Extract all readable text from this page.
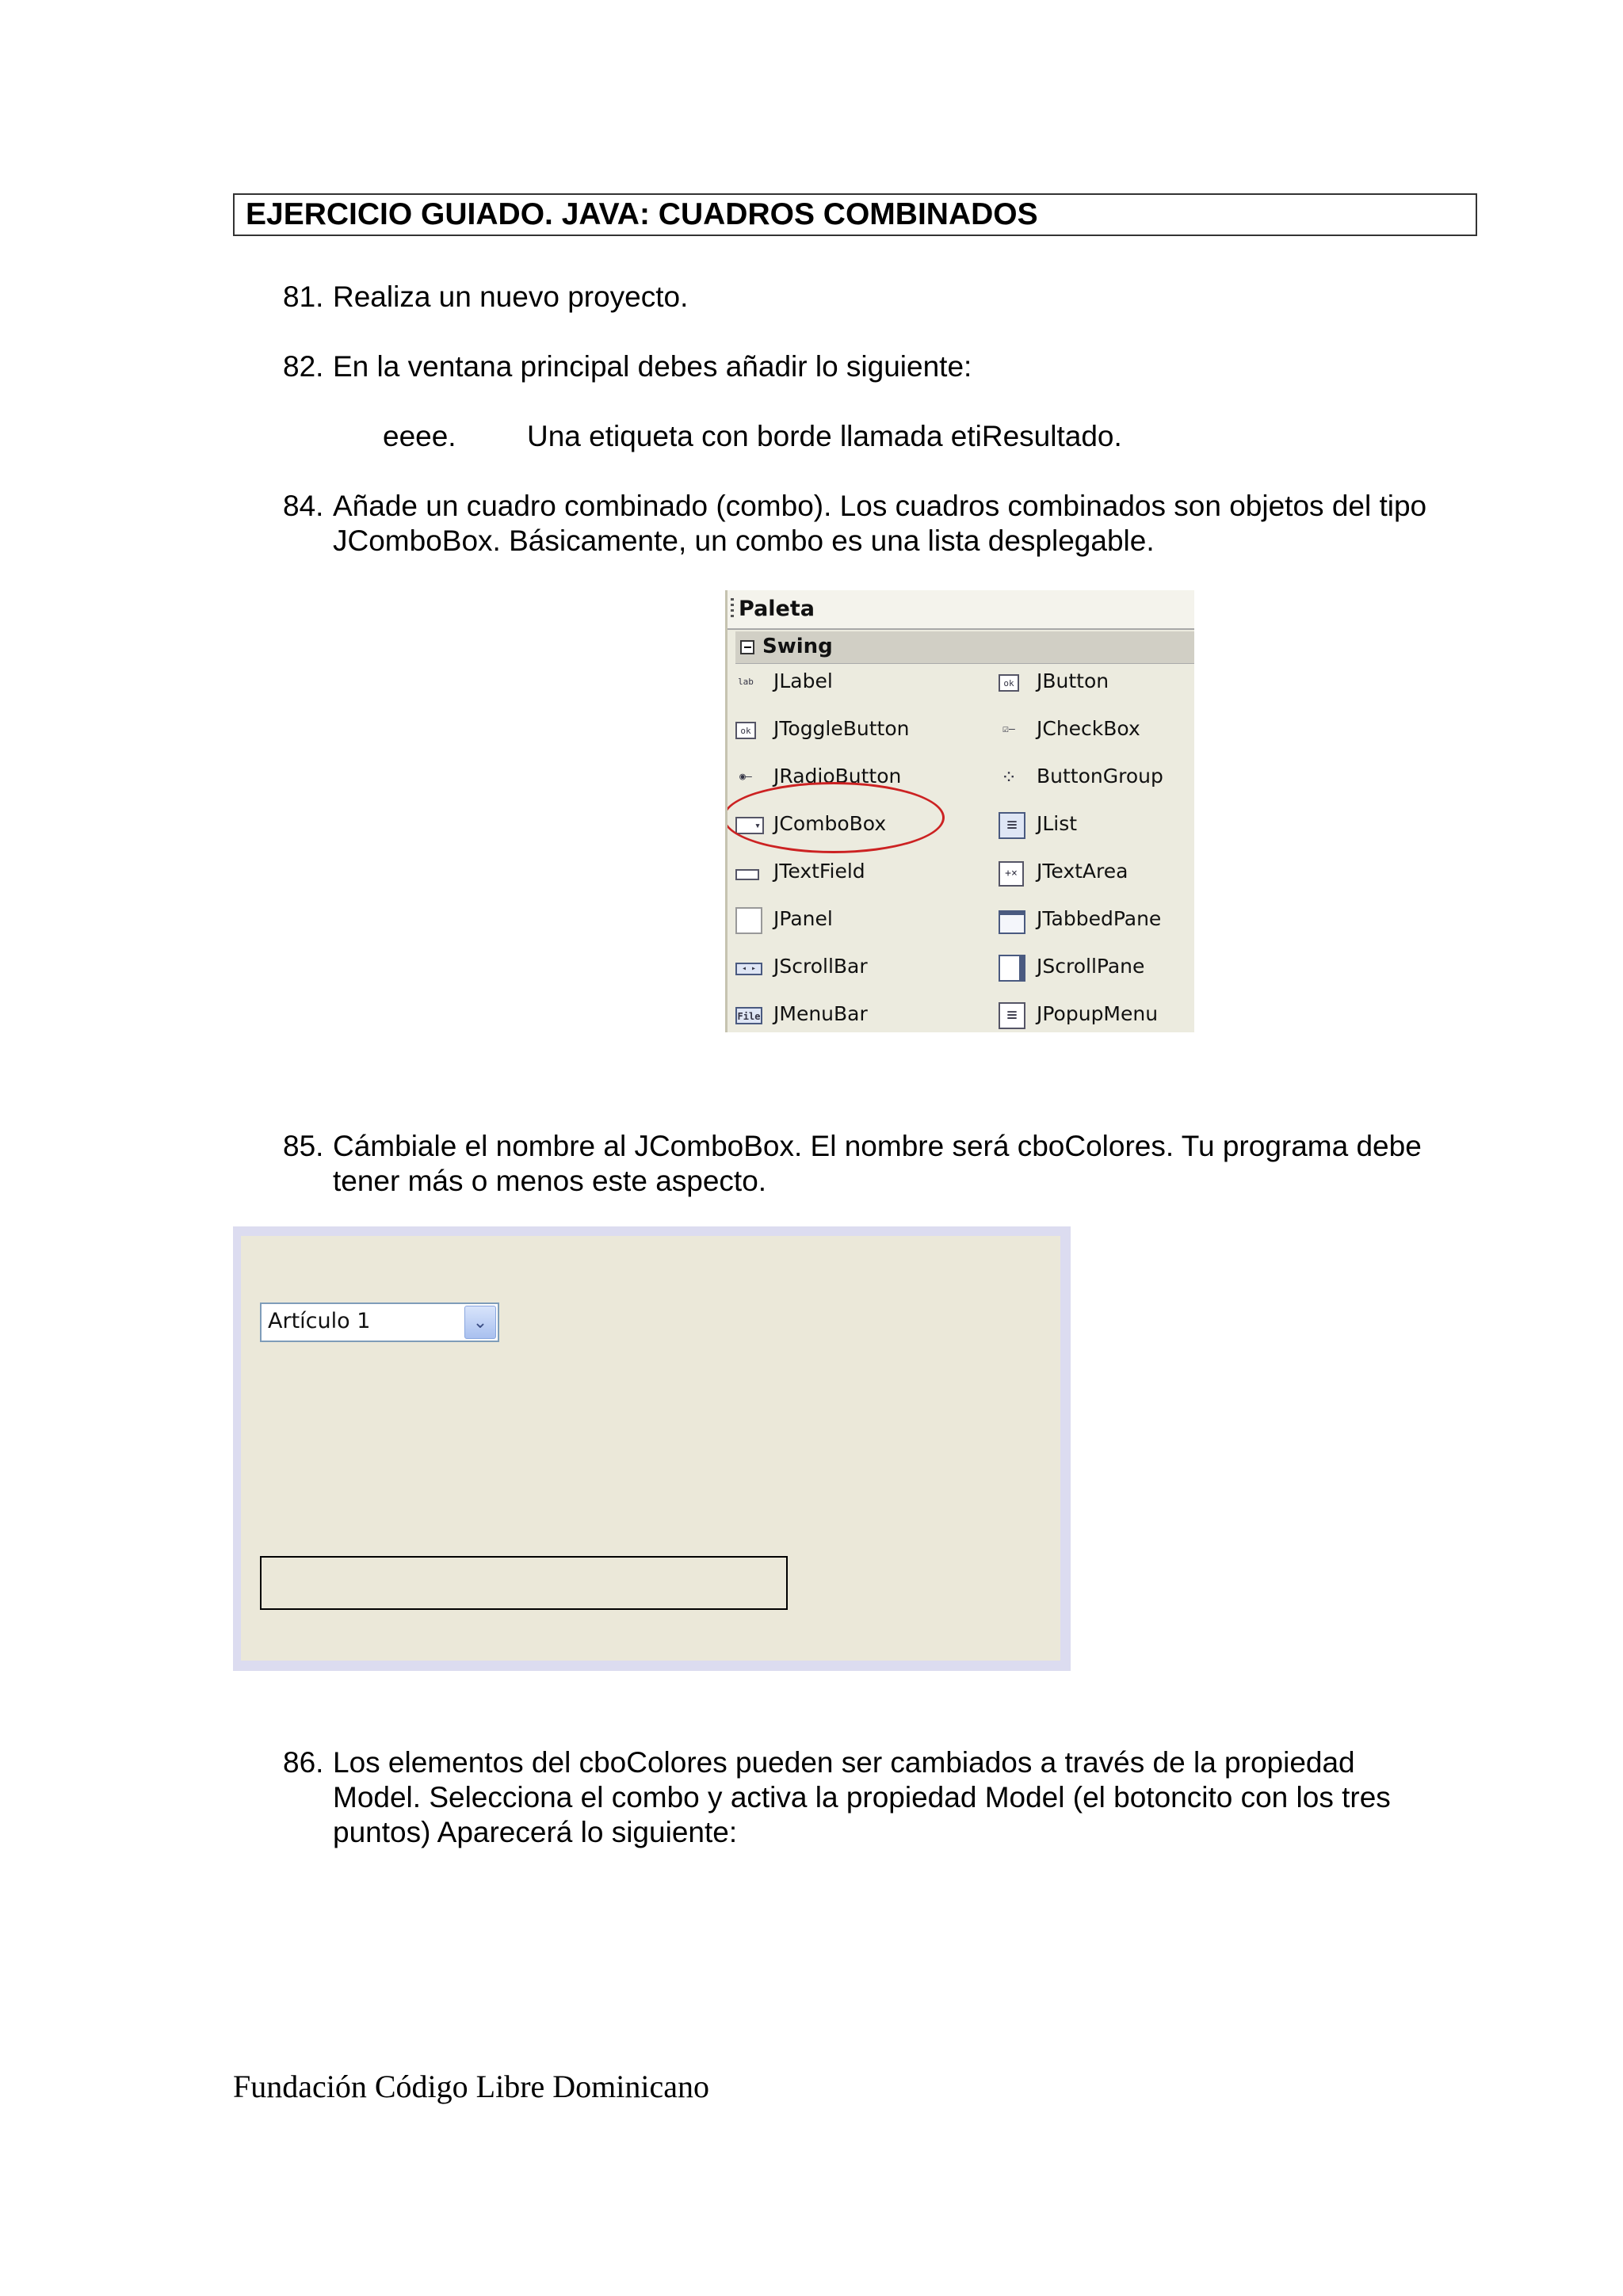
EJERCICIO GUIADO. JAVA: CUADROS COMBINADOS
81. Realiza un nuevo proyecto.
82. En la ventana principal debes añadir lo siguiente:
eeee. Una etiqueta con borde llamada etiResultado.
84. Añade un cuadro combinado (combo). Los cuadros combinados son objetos del tipo
JComboBox. Básicamente, un combo es una lista desplegable.
Paleta
Swing
lab JLabel
ok JToggleButton
◉– JRadioButton
▾ JComboBox
JTextField
JPanel
◂ ▸ JScrollBar
File JMenuBar
ok JButton
☑– JCheckBox
⁘ ButtonGroup
≡ JList
+× JTextArea
JTabbedPane
JScrollPane
≡ JPopupMenu
85. Cámbiale el nombre al JComboBox. El nombre será cboColores. Tu programa debe
tener más o menos este aspecto.
Artículo 1	⌄
86. Los elementos del cboColores pueden ser cambiados a través de la propiedad
Model. Selecciona el combo y activa la propiedad Model (el botoncito con los tres
puntos) Aparecerá lo siguiente:
Fundación Código Libre Dominicano
